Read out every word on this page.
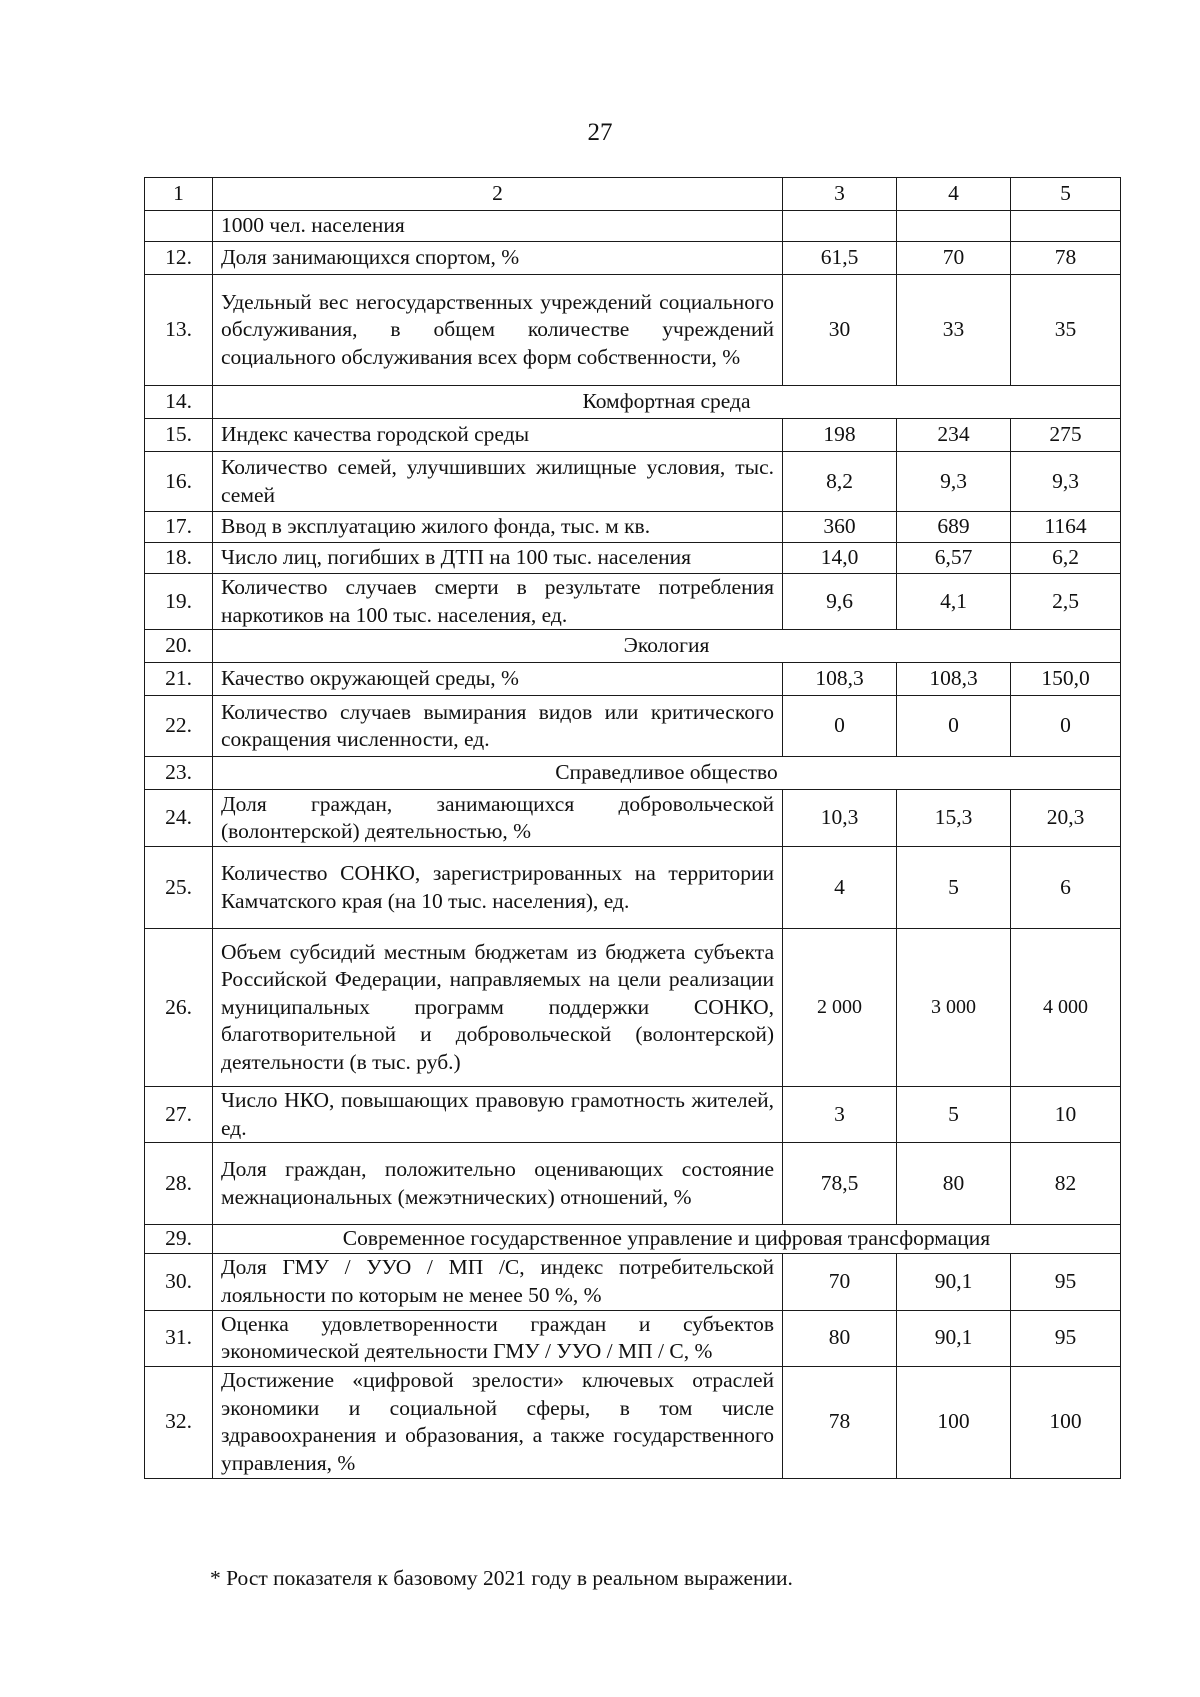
27
1	2	3	4	5
	1000 чел. населения			
12.	Доля занимающихся спортом, %	61,5	70	78
13.	Удельный вес негосударственных учреждений социального обслуживания, в общем количестве учреждений социального обслуживания всех форм собственности, %	30	33	35
14.	Комфортная среда			
15.	Индекс качества городской среды	198	234	275
16.	Количество семей, улучшивших жилищные условия, тыс. семей	8,2	9,3	9,3
17.	Ввод в эксплуатацию жилого фонда, тыс. м кв.	360	689	1164
18.	Число лиц, погибших в ДТП на 100 тыс. населения	14,0	6,57	6,2
19.	Количество случаев смерти в результате потребления наркотиков на 100 тыс. населения, ед.	9,6	4,1	2,5
20.	Экология			
21.	Качество окружающей среды, %	108,3	108,3	150,0
22.	Количество случаев вымирания видов или критического сокращения численности, ед.	0	0	0
23.	Справедливое общество			
24.	Доля граждан, занимающихся добровольческой (волонтерской) деятельностью, %	10,3	15,3	20,3
25.	Количество СОНКО, зарегистрированных на территории Камчатского края (на 10 тыс. населения), ед.	4	5	6
26.	Объем субсидий местным бюджетам из бюджета субъекта Российской Федерации, направляемых на цели реализации муниципальных программ поддержки СОНКО, благотворительной и добровольческой (волонтерской) деятельности (в тыс. руб.)	2 000	3 000	4 000
27.	Число НКО, повышающих правовую грамотность жителей, ед.	3	5	10
28.	Доля граждан, положительно оценивающих состояние межнациональных (межэтнических) отношений, %	78,5	80	82
29.	Современное государственное управление и цифровая трансформация			
30.	Доля ГМУ / УУО / МП /С, индекс потребительской лояльности по которым не менее 50 %, %	70	90,1	95
31.	Оценка удовлетворенности граждан и субъектов экономической деятельности ГМУ / УУО / МП / С, %	80	90,1	95
32.	Достижение «цифровой зрелости» ключевых отраслей экономики и социальной сферы, в том числе здравоохранения и образования, а также государственного управления, %	78	100	100
* Рост показателя к базовому 2021 году в реальном выражении.
